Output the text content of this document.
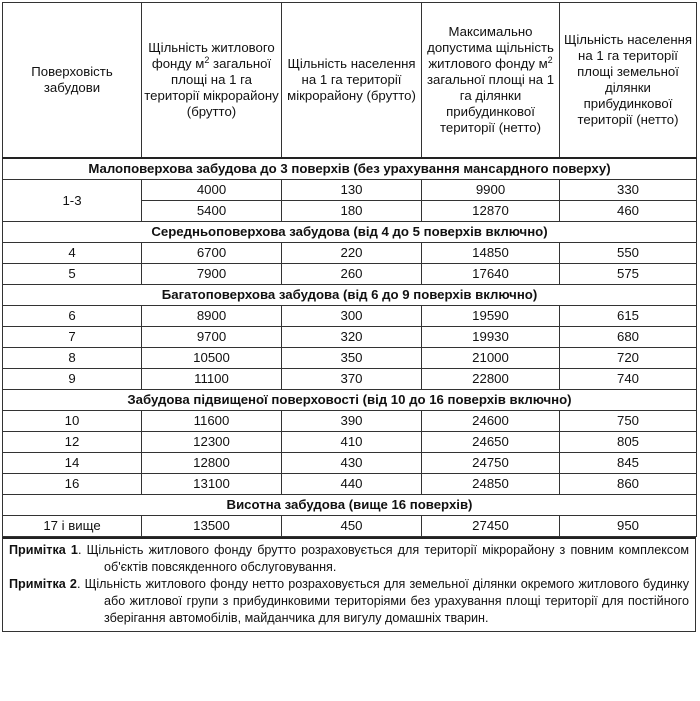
Поверховість забудови	Щільність житлового фонду $м^2$ загальної площі на 1 га території мікрорайону (брутто)	Щільність населення на 1 га території мікрорайону (брутто)	Максимально допустима щільність житлового фонду $м^2$ загальної площі на 1 га ділянки прибудинкової території (нетто)	Щільність населення на 1 га території площі земельної ділянки прибудинкової території (нетто)

Малоповерхова забудова до 3 поверхів (без урахування мансардного поверху)				
1-3	4000	130	9900	330
	5400	180	12870	460
Середньоповерхова забудова (від 4 до 5 поверхів включно)				
4	6700	220	14850	550
5	7900	260	17640	575
Багатоповерхова забудова (від 6 до 9 поверхів включно)				
6	8900	300	19590	615
7	9700	320	19930	680
8	10500	350	21000	720
9	11100	370	22800	740
Забудова підвищеної поверховості (від 10 до 16 поверхів включно)				
10	11600	390	24600	750
12	12300	410	24650	805
14	12800	430	24750	845
16	13100	440	24850	860
Висотна забудова (вище 16 поверхів)				
17 і вище	13500	450	27450	950
Примітка 1. Щільність житлового фонду брутто розраховується для території мікрорайону з повним комплексом об'єктів повсякденного обслуговування.
Примітка 2. Щільність житлового фонду нетто розраховується для земельної ділянки окремого житлового будинку або житлової групи з прибудинковими територіями без урахування площі території для постійного зберігання автомобілів, майданчика для вигулу домашніх тварин.
